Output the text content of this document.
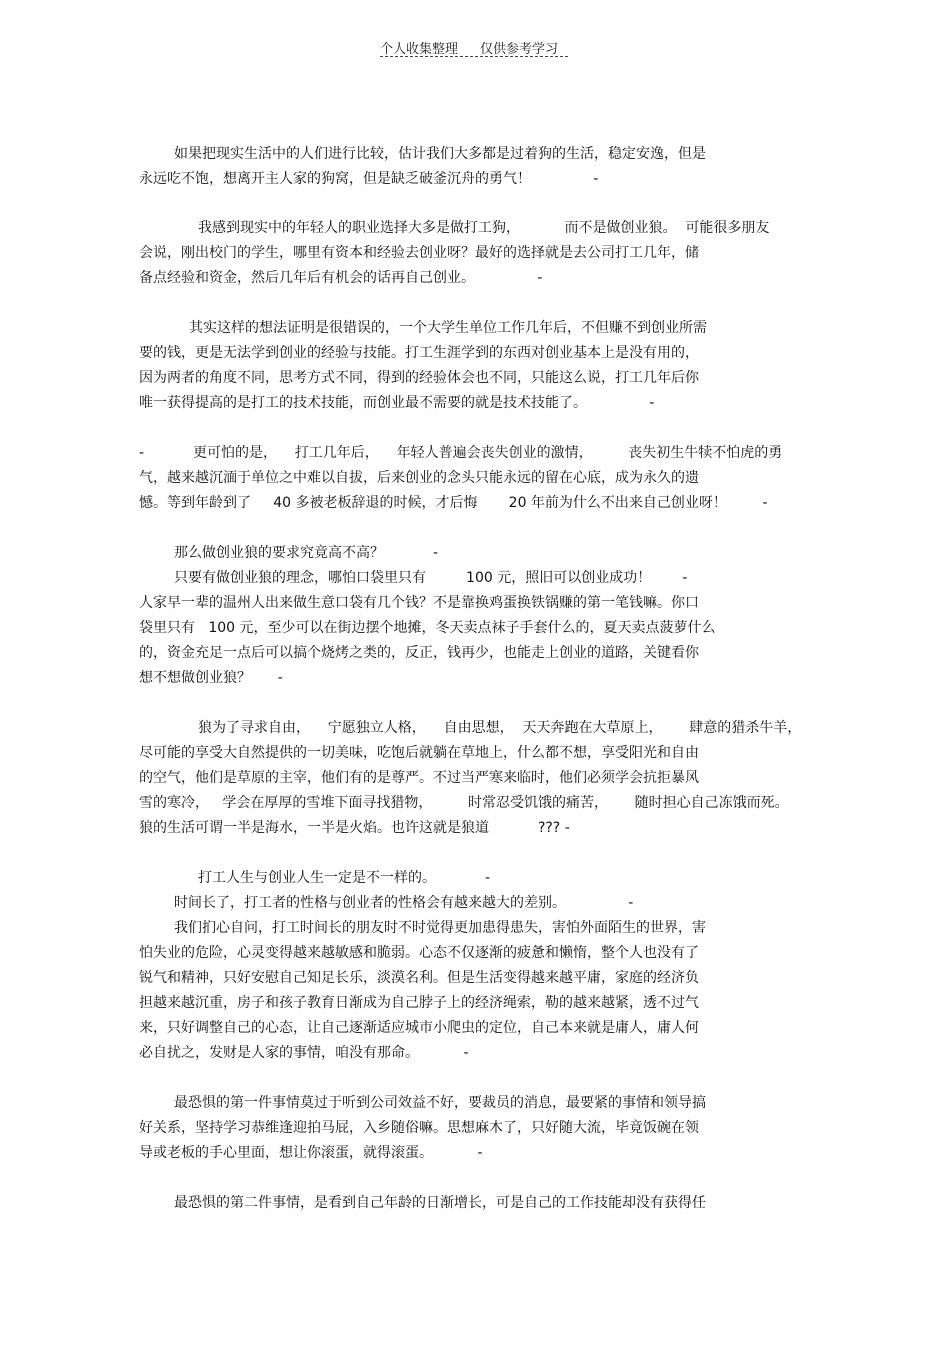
个人收集整理 仅供参考学习
如果把现实生活中的人们进行比较，估计我们大多都是过着狗的生活，稳定安逸，但是
永远吃不饱，想离开主人家的狗窝，但是缺乏破釜沉舟的勇气！              -
我感到现实中的年轻人的职业选择大多是做打工狗，          而不是做创业狼。  可能很多朋友
会说，刚出校门的学生，哪里有资本和经验去创业呀？最好的选择就是去公司打工几年，储
备点经验和资金，然后几年后有机会的话再自己创业。              -
其实这样的想法证明是很错误的，一个大学生单位工作几年后，不但赚不到创业所需
要的钱，更是无法学到创业的经验与技能。打工生涯学到的东西对创业基本上是没有用的，
因为两者的角度不同，思考方式不同，得到的经验体会也不同，只能这么说，打工几年后你
唯一获得提高的是打工的技术技能，而创业最不需要的就是技术技能了。              -
-           更可怕的是，    打工几年后，    年轻人普遍会丧失创业的激情，        丧失初生牛犊不怕虎的勇
气，越来越沉湎于单位之中难以自拔，后来创业的念头只能永远的留在心底，成为永久的遗
憾。等到年龄到了     40 多被老板辞退的时候，才后悔       20 年前为什么不出来自己创业呀！        -
那么做创业狼的要求究竟高不高？           -
只要有做创业狼的理念，哪怕口袋里只有         100 元，照旧可以创业成功！       -
人家早一辈的温州人出来做生意口袋有几个钱？不是靠换鸡蛋换铁锅赚的第一笔钱嘛。你口
袋里只有   100 元，至少可以在街边摆个地摊，冬天卖点袜子手套什么的，夏天卖点菠萝什么
的，资金充足一点后可以搞个烧烤之类的，反正，钱再少，也能走上创业的道路，关键看你
想不想做创业狼？      -
狼为了寻求自由，    宁愿独立人格，    自由思想，  天天奔跑在大草原上，      肆意的猎杀牛羊，
尽可能的享受大自然提供的一切美味，吃饱后就躺在草地上，什么都不想，享受阳光和自由
的空气，他们是草原的主宰，他们有的是尊严。不过当严寒来临时，他们必须学会抗拒暴风
雪的寒冷，   学会在厚厚的雪堆下面寻找猎物，        时常忍受饥饿的痛苦，      随时担心自己冻饿而死。
狼的生活可谓一半是海水，一半是火焰。也许这就是狼道           ??? -
打工人生与创业人生一定是不一样的。           -
时间长了，打工者的性格与创业者的性格会有越来越大的差别。              -
我们扪心自问，打工时间长的朋友时不时觉得更加患得患失，害怕外面陌生的世界，害
怕失业的危险，心灵变得越来越敏感和脆弱。心态不仅逐渐的疲惫和懒惰，整个人也没有了
锐气和精神，只好安慰自己知足长乐，淡漠名利。但是生活变得越来越平庸，家庭的经济负
担越来越沉重，房子和孩子教育日渐成为自己脖子上的经济绳索，勒的越来越紧，透不过气
来，只好调整自己的心态，让自己逐渐适应城市小爬虫的定位，自己本来就是庸人，庸人何
必自扰之，发财是人家的事情，咱没有那命。          -
最恐惧的第一件事情莫过于听到公司效益不好，要裁员的消息，最要紧的事情和领导搞
好关系，坚持学习恭维逢迎拍马屁，入乡随俗嘛。思想麻木了，只好随大流，毕竟饭碗在领
导或老板的手心里面，想让你滚蛋，就得滚蛋。          -
最恐惧的第二件事情，是看到自己年龄的日渐增长，可是自己的工作技能却没有获得任
